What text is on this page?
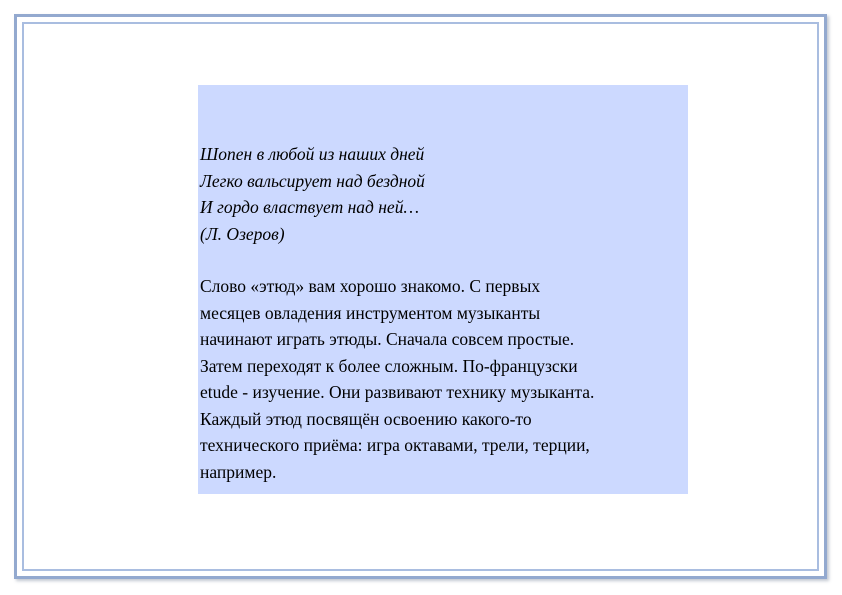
Шопен в любой из наших дней
Легко вальсирует над бездной
И гордо властвует над ней…
(Л. Озеров)
Слово «этюд» вам хорошо знакомо. С первых
месяцев овладения инструментом музыканты
начинают играть этюды. Сначала совсем простые.
Затем переходят к более сложным. По-французски
etude - изучение. Они развивают технику музыканта.
Каждый этюд посвящён освоению какого-то
технического приёма: игра октавами, трели, терции,
например.
